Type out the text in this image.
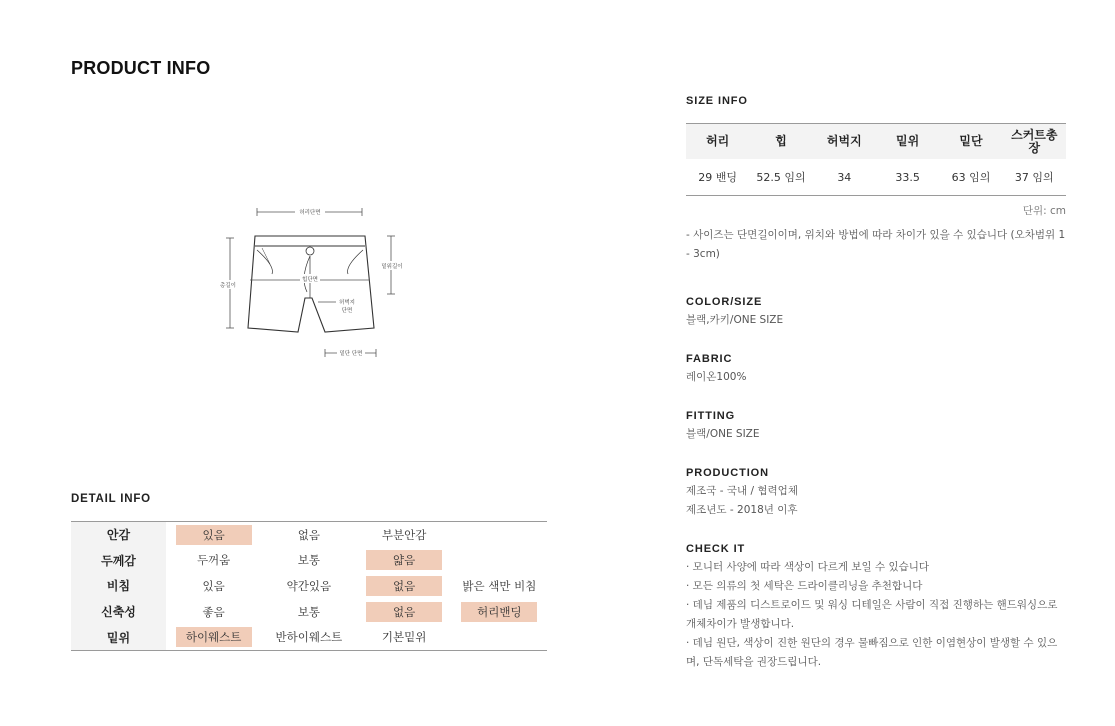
PRODUCT INFO
허리단면
총길이
밑위길이
힙단면
허벅지
단면
밑단 단면
DETAIL INFO
안감	있음	없음	부분안감
두께감	두꺼움	보통	얇음
비침	있음	약간있음	없음	밝은 색만 비침
신축성	좋음	보통	없음	허리밴딩
밑위	하이웨스트	반하이웨스트	기본밑위
SIZE INFO
허리	힙	허벅지	밑위	밑단	스커트총장
29 밴딩	52.5 임의	34	33.5	63 임의	37 임의
단위: cm
- 사이즈는 단면길이이며, 위치와 방법에 따라 차이가 있을 수 있습니다 (오차범위 1 - 3cm)
COLOR/SIZE
블랙,카키/ONE SIZE
FABRIC
레이온100%
FITTING
블랙/ONE SIZE
PRODUCTION
제조국 - 국내 / 협력업체
제조년도 - 2018년 이후
CHECK IT
· 모니터 사양에 따라 색상이 다르게 보일 수 있습니다
· 모든 의류의 첫 세탁은 드라이클리닝을 추천합니다
· 데님 제품의 디스트로이드 및 워싱 디테일은 사람이 직접 진행하는 핸드워싱으로 개체차이가 발생합니다.
· 데님 원단, 색상이 진한 원단의 경우 물빠짐으로 인한 이염현상이 발생할 수 있으며, 단독세탁을 권장드립니다.
